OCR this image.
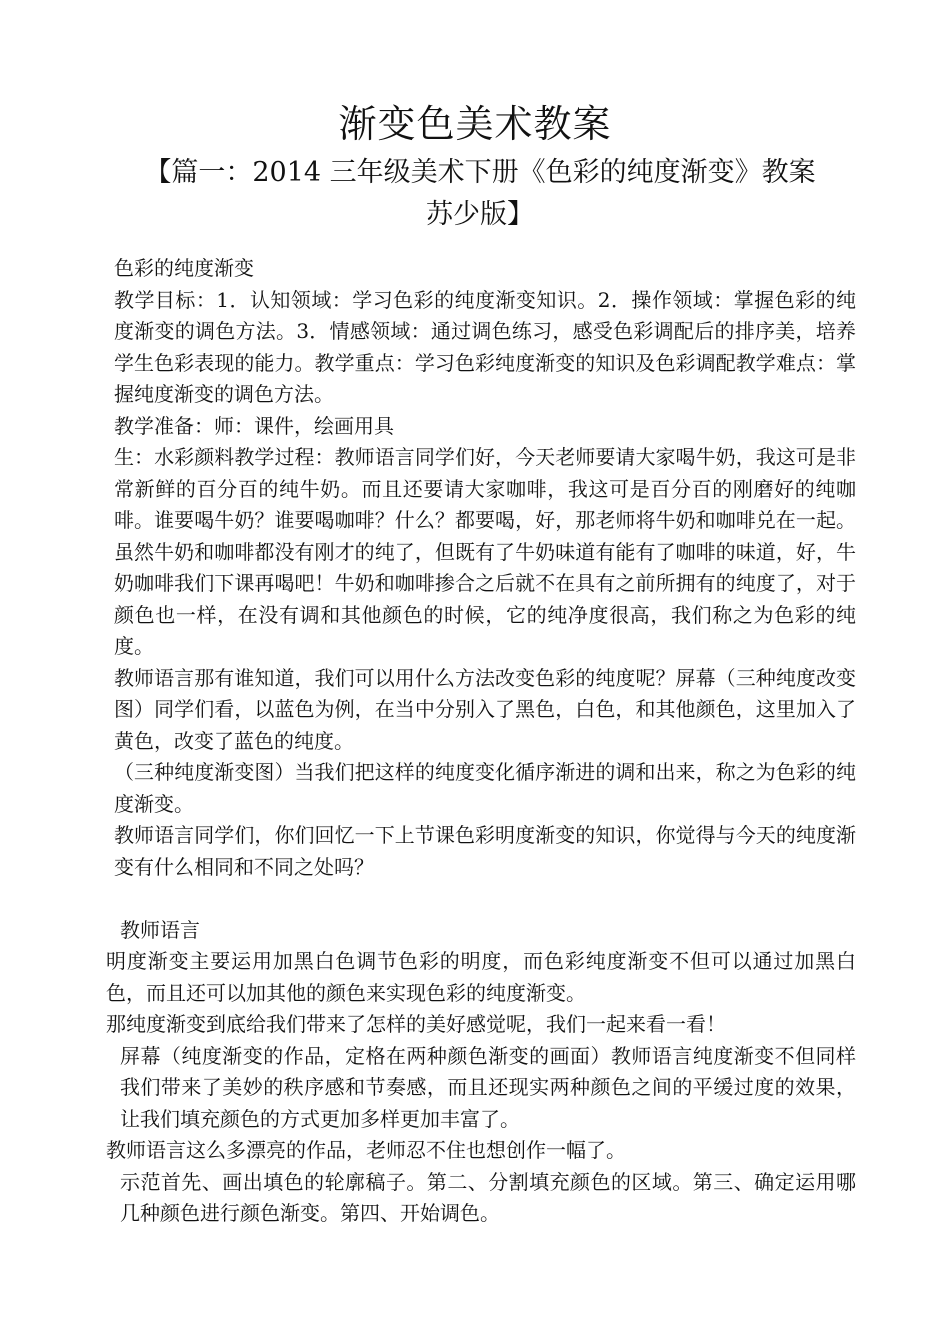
渐变色美术教案
【篇一：2014 三年级美术下册《色彩的纯度渐变》教案苏少版】

色彩的纯度渐变

教学目标：1．认知领域：学习色彩的纯度渐变知识。2．操作领域：掌握色彩的纯度渐变的调色方法。3．情感领域：通过调色练习，感受色彩调配后的排序美，培养学生色彩表现的能力。教学重点：学习色彩纯度渐变的知识及色彩调配教学难点：掌握纯度渐变的调色方法。

教学准备：师：课件，绘画用具

生：水彩颜料教学过程：教师语言同学们好，今天老师要请大家喝牛奶，我这可是非常新鲜的百分百的纯牛奶。而且还要请大家咖啡，我这可是百分百的刚磨好的纯咖啡。谁要喝牛奶？谁要喝咖啡？什么？都要喝，好，那老师将牛奶和咖啡兑在一起。虽然牛奶和咖啡都没有刚才的纯了，但既有了牛奶味道有能有了咖啡的味道，好，牛奶咖啡我们下课再喝吧！牛奶和咖啡掺合之后就不在具有之前所拥有的纯度了，对于颜色也一样，在没有调和其他颜色的时候，它的纯净度很高，我们称之为色彩的纯度。

教师语言那有谁知道，我们可以用什么方法改变色彩的纯度呢？屏幕（三种纯度改变图）同学们看，以蓝色为例，在当中分别入了黑色，白色，和其他颜色，这里加入了黄色，改变了蓝色的纯度。

（三种纯度渐变图）当我们把这样的纯度变化循序渐进的调和出来，称之为色彩的纯度渐变。

教师语言同学们，你们回忆一下上节课色彩明度渐变的知识，你觉得与今天的纯度渐变有什么相同和不同之处吗？

教师语言

明度渐变主要运用加黑白色调节色彩的明度，而色彩纯度渐变不但可以通过加黑白色，而且还可以加其他的颜色来实现色彩的纯度渐变。

那纯度渐变到底给我们带来了怎样的美好感觉呢，我们一起来看一看！

屏幕（纯度渐变的作品，定格在两种颜色渐变的画面）教师语言纯度渐变不但同样我们带来了美妙的秩序感和节奏感，而且还现实两种颜色之间的平缓过度的效果，让我们填充颜色的方式更加多样更加丰富了。

教师语言这么多漂亮的作品，老师忍不住也想创作一幅了。

示范首先、画出填色的轮廓稿子。第二、分割填充颜色的区域。第三、确定运用哪几种颜色进行颜色渐变。第四、开始调色。
